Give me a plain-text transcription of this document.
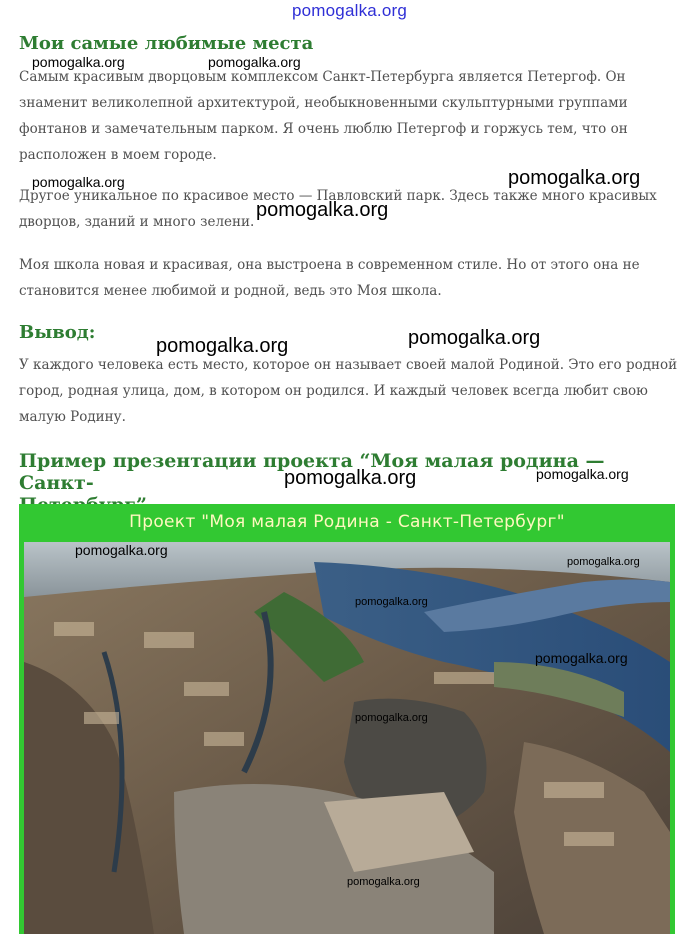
pomogalka.org
Мои самые любимые места

Самым красивым дворцовым комплексом Санкт-Петербурга является Петергоф. Он
знаменит великолепной архитектурой, необыкновенными скульптурными группами
фонтанов и замечательным парком. Я очень люблю Петергоф и горжусь тем, что он
расположен в моем городе.

Другое уникальное по красивое место — Павловский парк. Здесь также много красивых
дворцов, зданий и много зелени.

Моя школа новая и красивая, она выстроена в современном стиле. Но от этого она не
становится менее любимой и родной, ведь это Моя школа.

Вывод:

У каждого человека есть место, которое он называет своей малой Родиной. Это его родной
город, родная улица, дом, в котором он родился. И каждый человек всегда любит свою
малую Родину.

Пример презентации проекта “Моя малая родина — Санкт-

Проект "Моя малая Родина - Санкт-Петербург"
pomogalka.org
pomogalka.org
pomogalka.org
pomogalka.org
pomogalka.org
pomogalka.org
pomogalka.org	pomogalka.org
pomogalka.org	pomogalka.org
pomogalka.org
pomogalka.org
pomogalka.org
pomogalka.org	pomogalka.org
